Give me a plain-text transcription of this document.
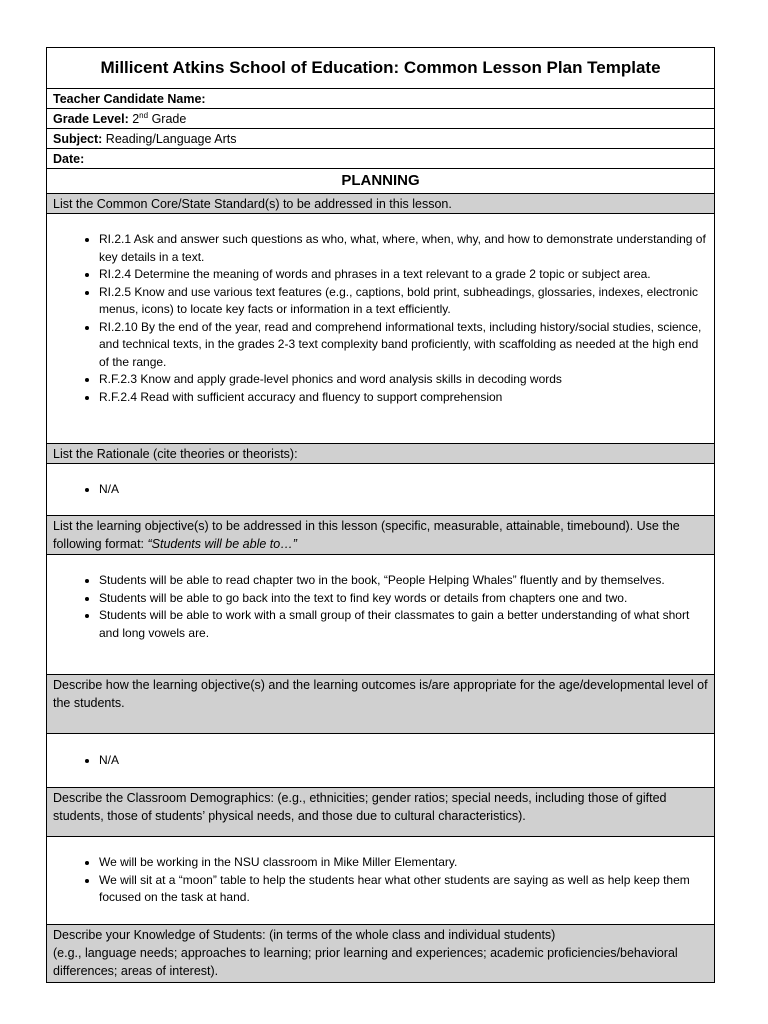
Millicent Atkins School of Education: Common Lesson Plan Template
Teacher Candidate Name:
Grade Level: 2nd Grade
Subject: Reading/Language Arts
Date:
PLANNING
List the Common Core/State Standard(s) to be addressed in this lesson.

• RI.2.1 Ask and answer such questions as who, what, where, when, why, and how to demonstrate understanding of key details in a text.
• RI.2.4 Determine the meaning of words and phrases in a text relevant to a grade 2 topic or subject area.
• RI.2.5 Know and use various text features (e.g., captions, bold print, subheadings, glossaries, indexes, electronic menus, icons) to locate key facts or information in a text efficiently.
• RI.2.10 By the end of the year, read and comprehend informational texts, including history/social studies, science, and technical texts, in the grades 2-3 text complexity band proficiently, with scaffolding as needed at the high end of the range.
• R.F.2.3 Know and apply grade-level phonics and word analysis skills in decoding words
• R.F.2.4 Read with sufficient accuracy and fluency to support comprehension

List the Rationale (cite theories or theorists):

• N/A

List the learning objective(s) to be addressed in this lesson (specific, measurable, attainable, timebound). Use the following format: “Students will be able to…”

• Students will be able to read chapter two in the book, “People Helping Whales” fluently and by themselves.
• Students will be able to go back into the text to find key words or details from chapters one and two.
• Students will be able to work with a small group of their classmates to gain a better understanding of what short and long vowels are.

Describe how the learning objective(s) and the learning outcomes is/are appropriate for the age/developmental level of the students.

• N/A

Describe the Classroom Demographics: (e.g., ethnicities; gender ratios; special needs, including those of gifted students, those of students’ physical needs, and those due to cultural characteristics).

• We will be working in the NSU classroom in Mike Miller Elementary.
• We will sit at a “moon” table to help the students hear what other students are saying as well as help keep them focused on the task at hand.

Describe your Knowledge of Students: (in terms of the whole class and individual students)
(e.g., language needs; approaches to learning; prior learning and experiences; academic proficiencies/behavioral differences; areas of interest).
